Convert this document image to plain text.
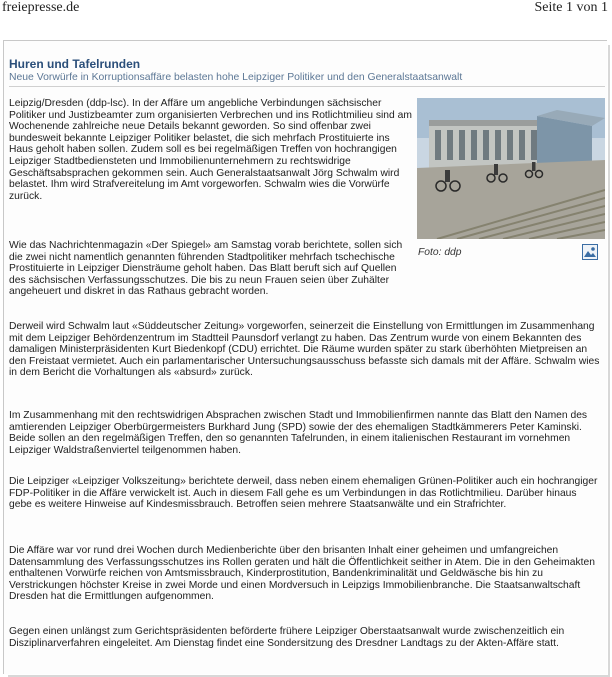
freiepresse.de	Seite 1 von 1
Huren und Tafelrunden
Neue Vorwürfe in Korruptionsaffäre belasten hohe Leipziger Politiker und den Generalstaatsanwalt
Foto: ddp

Leipzig/Dresden (ddp-lsc). In der Affäre um angebliche Verbindungen sächsischer Politiker und Justizbeamter zum organisierten Verbrechen und ins Rotlichtmilieu sind am Wochenende zahlreiche neue Details bekannt geworden. So sind offenbar zwei bundesweit bekannte Leipziger Politiker belastet, die sich mehrfach Prostituierte ins Haus geholt haben sollen. Zudem soll es bei regelmäßigen Treffen von hochrangigen Leipziger Stadtbediensteten und Immobilienunternehmern zu rechtswidrige Geschäftsabsprachen gekommen sein. Auch Generalstaatsanwalt Jörg Schwalm wird belastet. Ihm wird Strafvereitelung im Amt vorgeworfen. Schwalm wies die Vorwürfe zurück.

Wie das Nachrichtenmagazin «Der Spiegel» am Samstag vorab berichtete, sollen sich die zwei nicht namentlich genannten führenden Stadtpolitiker mehrfach tschechische Prostituierte in Leipziger Diensträume geholt haben. Das Blatt beruft sich auf Quellen des sächsischen Verfassungsschutzes. Die bis zu neun Frauen seien über Zuhälter angeheuert und diskret in das Rathaus gebracht worden.

Derweil wird Schwalm laut «Süddeutscher Zeitung» vorgeworfen, seinerzeit die Einstellung von Ermittlungen im Zusammenhang mit dem Leipziger Behördenzentrum im Stadtteil Paunsdorf verlangt zu haben. Das Zentrum wurde von einem Bekannten des damaligen Ministerpräsidenten Kurt Biedenkopf (CDU) errichtet. Die Räume wurden später zu stark überhöhten Mietpreisen an den Freistaat vermietet. Auch ein parlamentarischer Untersuchungsausschuss befasste sich damals mit der Affäre. Schwalm wies in dem Bericht die Vorhaltungen als «absurd» zurück.

Im Zusammenhang mit den rechtswidrigen Absprachen zwischen Stadt und Immobilienfirmen nannte das Blatt den Namen des amtierenden Leipziger Oberbürgermeisters Burkhard Jung (SPD) sowie der des ehemaligen Stadtkämmerers Peter Kaminski. Beide sollen an den regelmäßigen Treffen, den so genannten Tafelrunden, in einem italienischen Restaurant im vornehmen Leipziger Waldstraßenviertel teilgenommen haben.

Die Leipziger «Leipziger Volkszeitung» berichtete derweil, dass neben einem ehemaligen Grünen-Politiker auch ein hochrangiger FDP-Politiker in die Affäre verwickelt ist. Auch in diesem Fall gehe es um Verbindungen in das Rotlichtmilieu. Darüber hinaus gebe es weitere Hinweise auf Kindesmissbrauch. Betroffen seien mehrere Staatsanwälte und ein Strafrichter.

Die Affäre war vor rund drei Wochen durch Medienberichte über den brisanten Inhalt einer geheimen und umfangreichen Datensammlung des Verfassungsschutzes ins Rollen geraten und hält die Öffentlichkeit seither in Atem. Die in den Geheimakten enthaltenen Vorwürfe reichen von Amtsmissbrauch, Kinderprostitution, Bandenkriminalität und Geldwäsche bis hin zu Verstrickungen höchster Kreise in zwei Morde und einen Mordversuch in Leipzigs Immobilienbranche. Die Staatsanwaltschaft Dresden hat die Ermittlungen aufgenommen.

Gegen einen unlängst zum Gerichtspräsidenten beförderte frühere Leipziger Oberstaatsanwalt wurde zwischenzeitlich ein Disziplinarverfahren eingeleitet. Am Dienstag findet eine Sondersitzung des Dresdner Landtags zu der Akten-Affäre statt.
